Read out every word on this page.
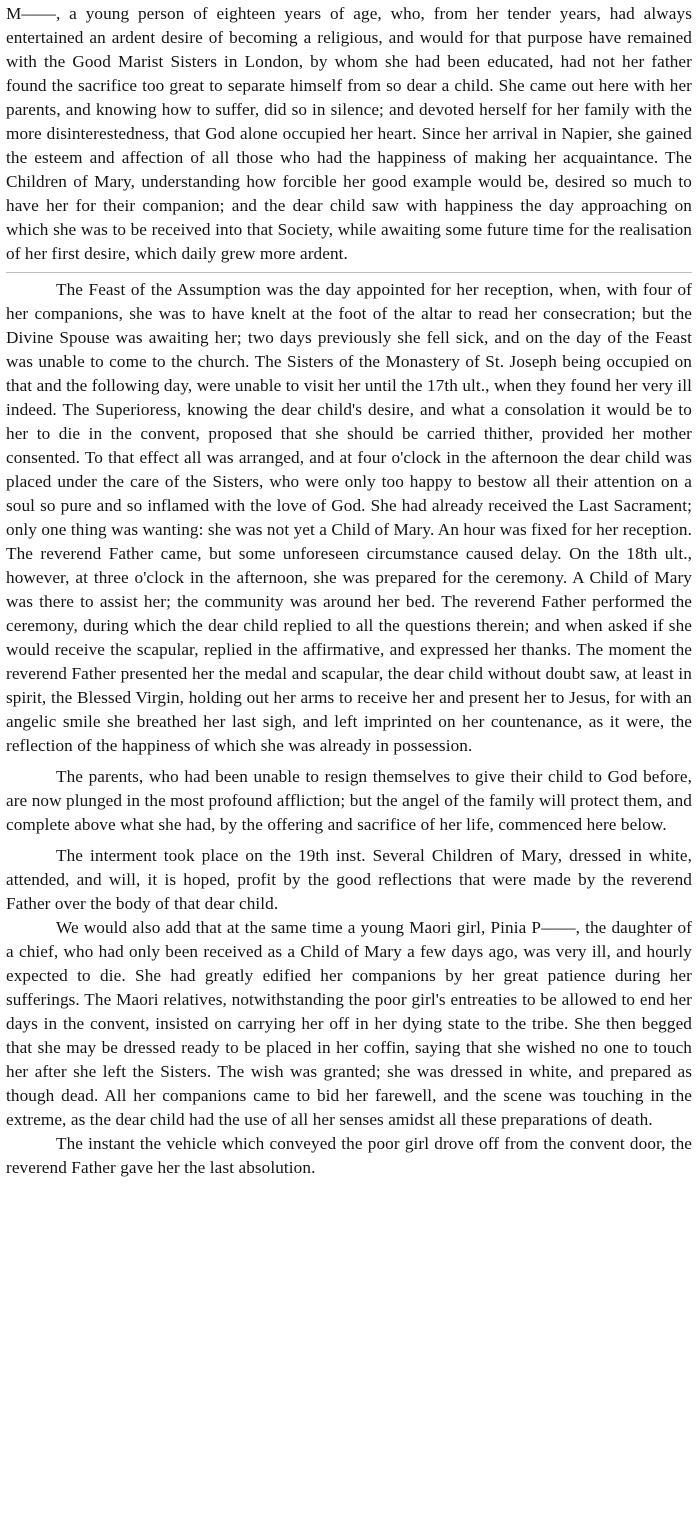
M——, a young person of eighteen years of age, who, from her tender years, had always entertained an ardent desire of becoming a religious, and would for that purpose have remained with the Good Marist Sisters in London, by whom she had been educated, had not her father found the sacrifice too great to separate himself from so dear a child. She came out here with her parents, and knowing how to suffer, did so in silence; and devoted herself for her family with the more disinterestedness, that God alone occupied her heart. Since her arrival in Napier, she gained the esteem and affection of all those who had the happiness of making her acquaintance. The Children of Mary, understanding how forcible her good example would be, desired so much to have her for their companion; and the dear child saw with happiness the day approaching on which she was to be received into that Society, while awaiting some future time for the realisation of her first desire, which daily grew more ardent.

The Feast of the Assumption was the day appointed for her reception, when, with four of her companions, she was to have knelt at the foot of the altar to read her consecration; but the Divine Spouse was awaiting her; two days previously she fell sick, and on the day of the Feast was unable to come to the church. The Sisters of the Monastery of St. Joseph being occupied on that and the following day, were unable to visit her until the 17th ult., when they found her very ill indeed. The Superioress, knowing the dear child's desire, and what a consolation it would be to her to die in the convent, proposed that she should be carried thither, provided her mother consented. To that effect all was arranged, and at four o'clock in the afternoon the dear child was placed under the care of the Sisters, who were only too happy to bestow all their attention on a soul so pure and so inflamed with the love of God. She had already received the Last Sacrament; only one thing was wanting: she was not yet a Child of Mary. An hour was fixed for her reception. The reverend Father came, but some unforeseen circumstance caused delay. On the 18th ult., however, at three o'clock in the afternoon, she was prepared for the ceremony. A Child of Mary was there to assist her; the community was around her bed. The reverend Father performed the ceremony, during which the dear child replied to all the questions therein; and when asked if she would receive the scapular, replied in the affirmative, and expressed her thanks. The moment the reverend Father presented her the medal and scapular, the dear child without doubt saw, at least in spirit, the Blessed Virgin, holding out her arms to receive her and present her to Jesus, for with an angelic smile she breathed her last sigh, and left imprinted on her countenance, as it were, the reflection of the happiness of which she was already in possession.

The parents, who had been unable to resign themselves to give their child to God before, are now plunged in the most profound affliction; but the angel of the family will protect them, and complete above what she had, by the offering and sacrifice of her life, commenced here below.

The interment took place on the 19th inst. Several Children of Mary, dressed in white, attended, and will, it is hoped, profit by the good reflections that were made by the reverend Father over the body of that dear child.

We would also add that at the same time a young Maori girl, Pinia P——, the daughter of a chief, who had only been received as a Child of Mary a few days ago, was very ill, and hourly expected to die. She had greatly edified her companions by her great patience during her sufferings. The Maori relatives, notwithstanding the poor girl's entreaties to be allowed to end her days in the convent, insisted on carrying her off in her dying state to the tribe. She then begged that she may be dressed ready to be placed in her coffin, saying that she wished no one to touch her after she left the Sisters. The wish was granted; she was dressed in white, and prepared as though dead. All her companions came to bid her farewell, and the scene was touching in the extreme, as the dear child had the use of all her senses amidst all these preparations of death.

The instant the vehicle which conveyed the poor girl drove off from the convent door, the reverend Father gave her the last absolution.
